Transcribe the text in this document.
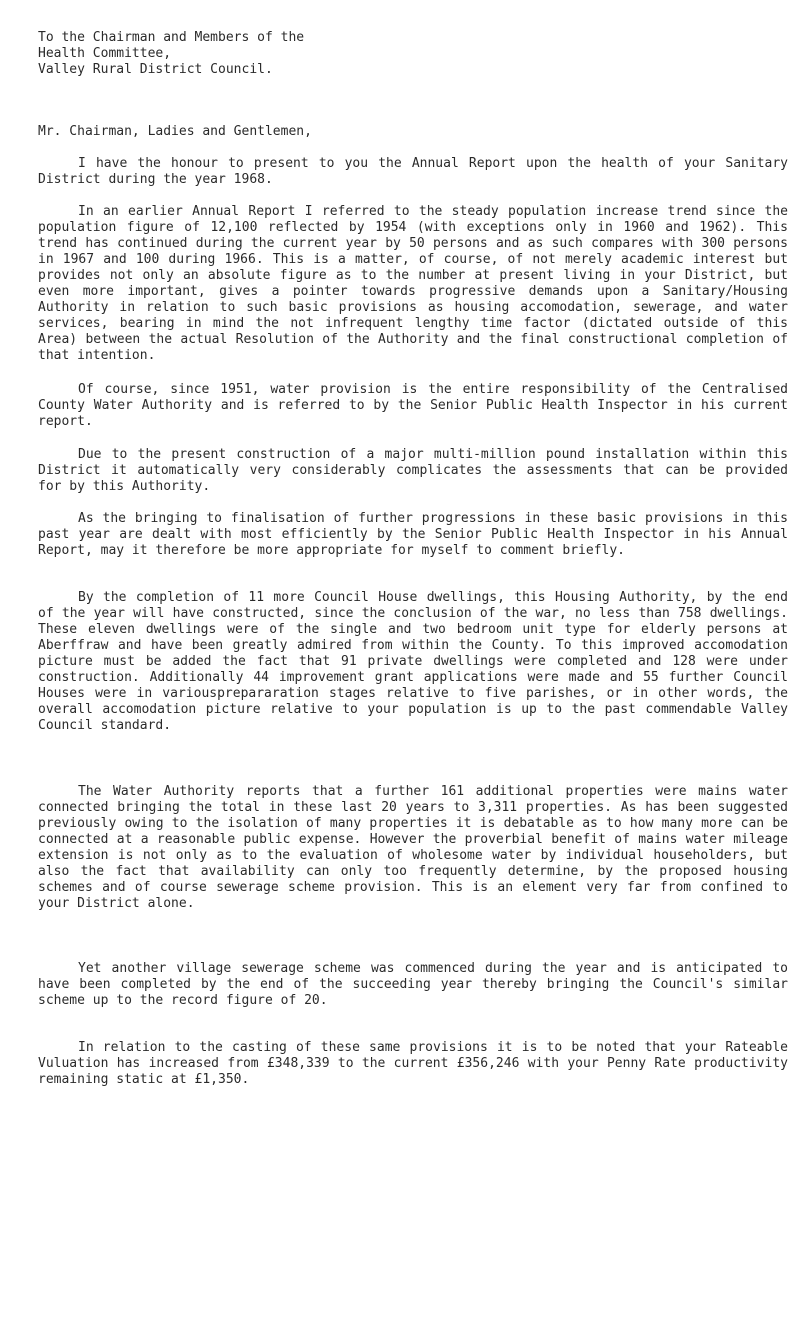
To the Chairman and Members of the
Health Committee,
Valley Rural District Council.
Mr. Chairman, Ladies and Gentlemen,
I have the honour to present to you the Annual Report upon the health of your Sanitary District during the year 1968.
In an earlier Annual Report I referred to the steady population increase trend since the population figure of 12,100 reflected by 1954 (with exceptions only in 1960 and 1962). This trend has continued during the current year by 50 persons and as such compares with 300 persons in 1967 and 100 during 1966. This is a matter, of course, of not merely academic interest but provides not only an absolute figure as to the number at present living in your District, but even more important, gives a pointer towards progressive demands upon a Sanitary/Housing Authority in relation to such basic provisions as housing accomodation, sewerage, and water services, bearing in mind the not infrequent lengthy time factor (dictated outside of this Area) between the actual Resolution of the Authority and the final constructional completion of that intention.
Of course, since 1951, water provision is the entire responsibility of the Centralised County Water Authority and is referred to by the Senior Public Health Inspector in his current report.
Due to the present construction of a major multi-million pound installation within this District it automatically very considerably complicates the assessments that can be provided for by this Authority.
As the bringing to finalisation of further progressions in these basic provisions in this past year are dealt with most efficiently by the Senior Public Health Inspector in his Annual Report, may it therefore be more appropriate for myself to comment briefly.
By the completion of 11 more Council House dwellings, this Housing Authority, by the end of the year will have constructed, since the conclusion of the war, no less than 758 dwellings. These eleven dwellings were of the single and two bedroom unit type for elderly persons at Aberffraw and have been greatly admired from within the County. To this improved accomodation picture must be added the fact that 91 private dwellings were completed and 128 were under construction. Additionally 44 improvement grant applications were made and 55 further Council Houses were in variousprepararation stages relative to five parishes, or in other words, the overall accomodation picture relative to your population is up to the past commendable Valley Council standard.
The Water Authority reports that a further 161 additional properties were mains water connected bringing the total in these last 20 years to 3,311 properties. As has been suggested previously owing to the isolation of many properties it is debatable as to how many more can be connected at a reasonable public expense. However the proverbial benefit of mains water mileage extension is not only as to the evaluation of wholesome water by individual householders, but also the fact that availability can only too frequently determine, by the proposed housing schemes and of course sewerage scheme provision. This is an element very far from confined to your District alone.
Yet another village sewerage scheme was commenced during the year and is anticipated to have been completed by the end of the succeeding year thereby bringing the Council's similar scheme up to the record figure of 20.
In relation to the casting of these same provisions it is to be noted that your Rateable Vuluation has increased from £348,339 to the current £356,246 with your Penny Rate productivity remaining static at £1,350.
